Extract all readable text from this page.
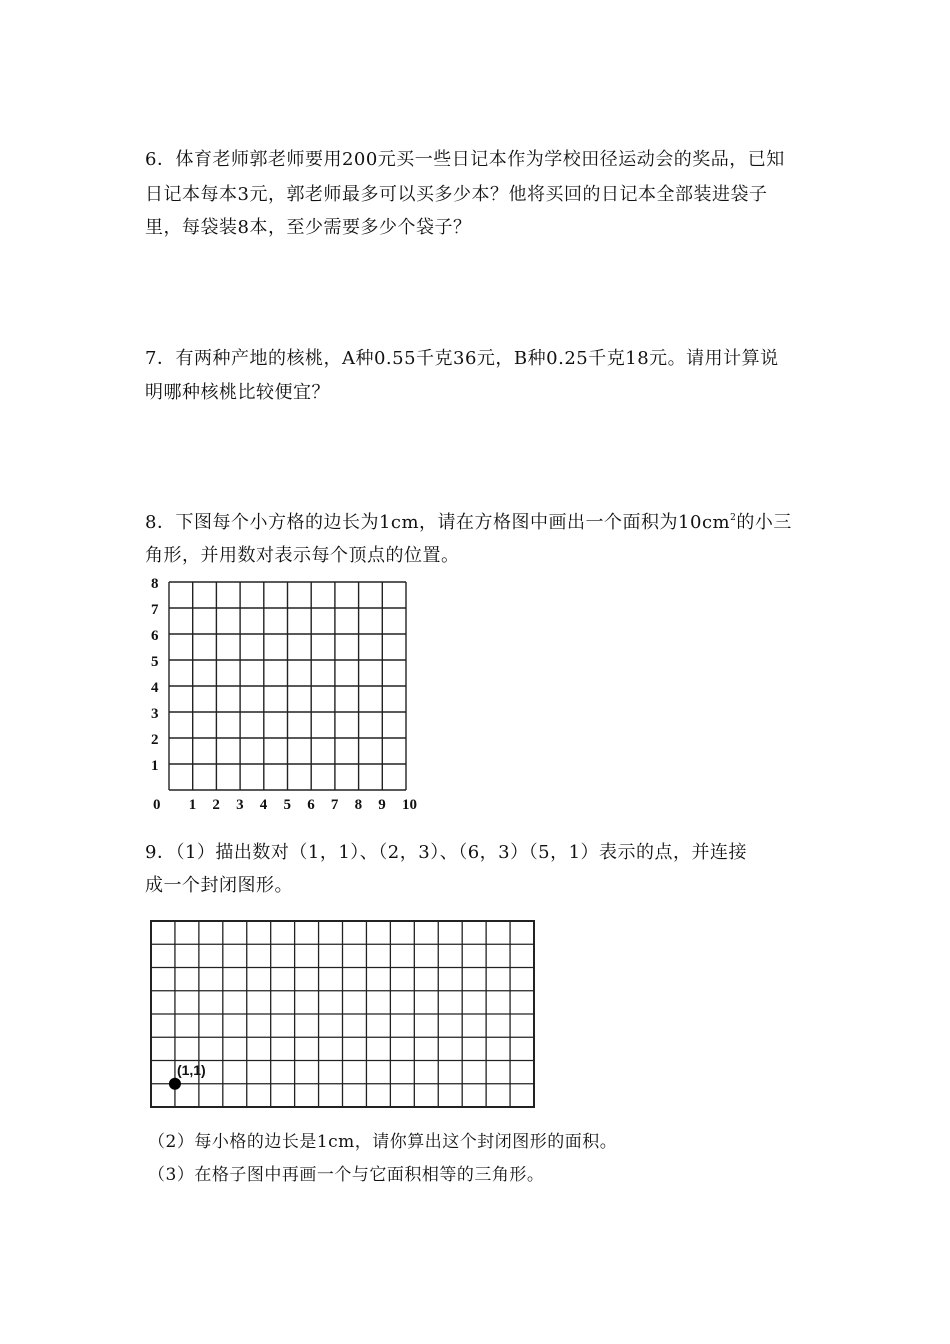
6．体育老师郭老师要用200元买一些日记本作为学校田径运动会的奖品，已知
日记本每本3元，郭老师最多可以买多少本？他将买回的日记本全部装进袋子
里，每袋装8本，至少需要多少个袋子？
7．有两种产地的核桃，A种0.55千克36元，B种0.25千克18元。请用计算说
明哪种核桃比较便宜？
8．下图每个小方格的边长为1cm，请在方格图中画出一个面积为$10cm^2$的小三
角形，并用数对表示每个顶点的位置。
0 1 2 3 4 5 6 7 8 9 10
1
2
3
4
5
6
7
8
(1,1)
9．（1）描出数对（1，1）、（2，3）、（6，3）（5，1）表示的点，并连接
成一个封闭图形。
（2）每小格的边长是1cm，请你算出这个封闭图形的面积。
（3）在格子图中再画一个与它面积相等的三角形。
